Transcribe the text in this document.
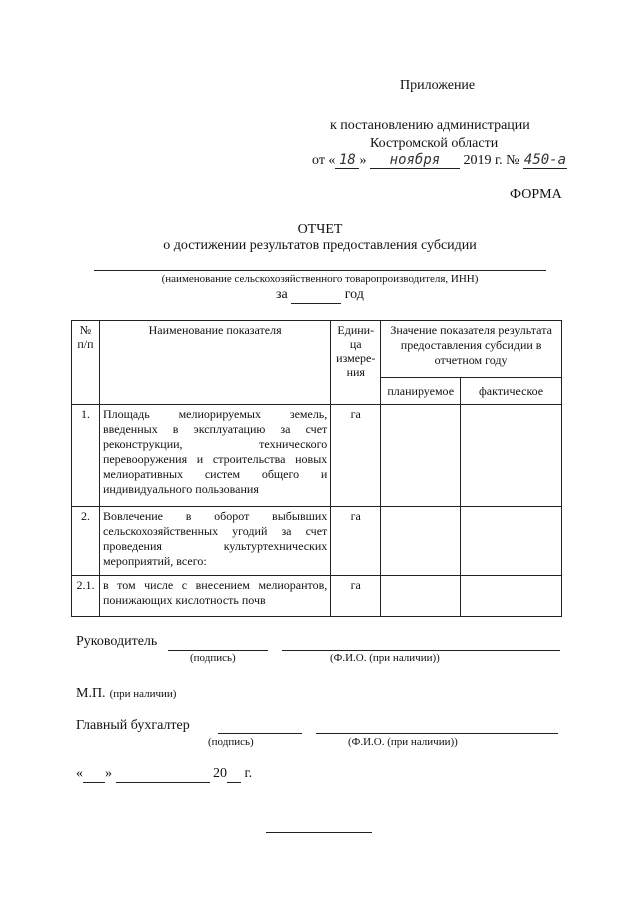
Приложение
к постановлению администрации
Костромской области
от « 18 » ноября 2019 г. № 450-а
ФОРМА
ОТЧЕТ
о достижении результатов предоставления субсидии
(наименование сельскохозяйственного товаропроизводителя, ИНН)
за	год
№ п/п	Наименование показателя	Едини-ца измере-ния	Значение показателя результата предоставления субсидии в отчетном году	
			планируемое	фактическое
1.	Площадь мелиорируемых земель, введенных в эксплуатацию за счет реконструкции, технического перевооружения и строительства новых мелиоративных систем общего и индивидуального пользования	га		
2.	Вовлечение в оборот выбывших сельскохозяйственных угодий за счет проведения культуртехнических мероприятий, всего:	га		
2.1.	в том числе с внесением мелиорантов, понижающих кислотность почв	га		
Руководитель
(подпись)	(Ф.И.О. (при наличии))
М.П. (при наличии)
Главный бухгалтер
(подпись)	(Ф.И.О. (при наличии))
« »	20 г.
